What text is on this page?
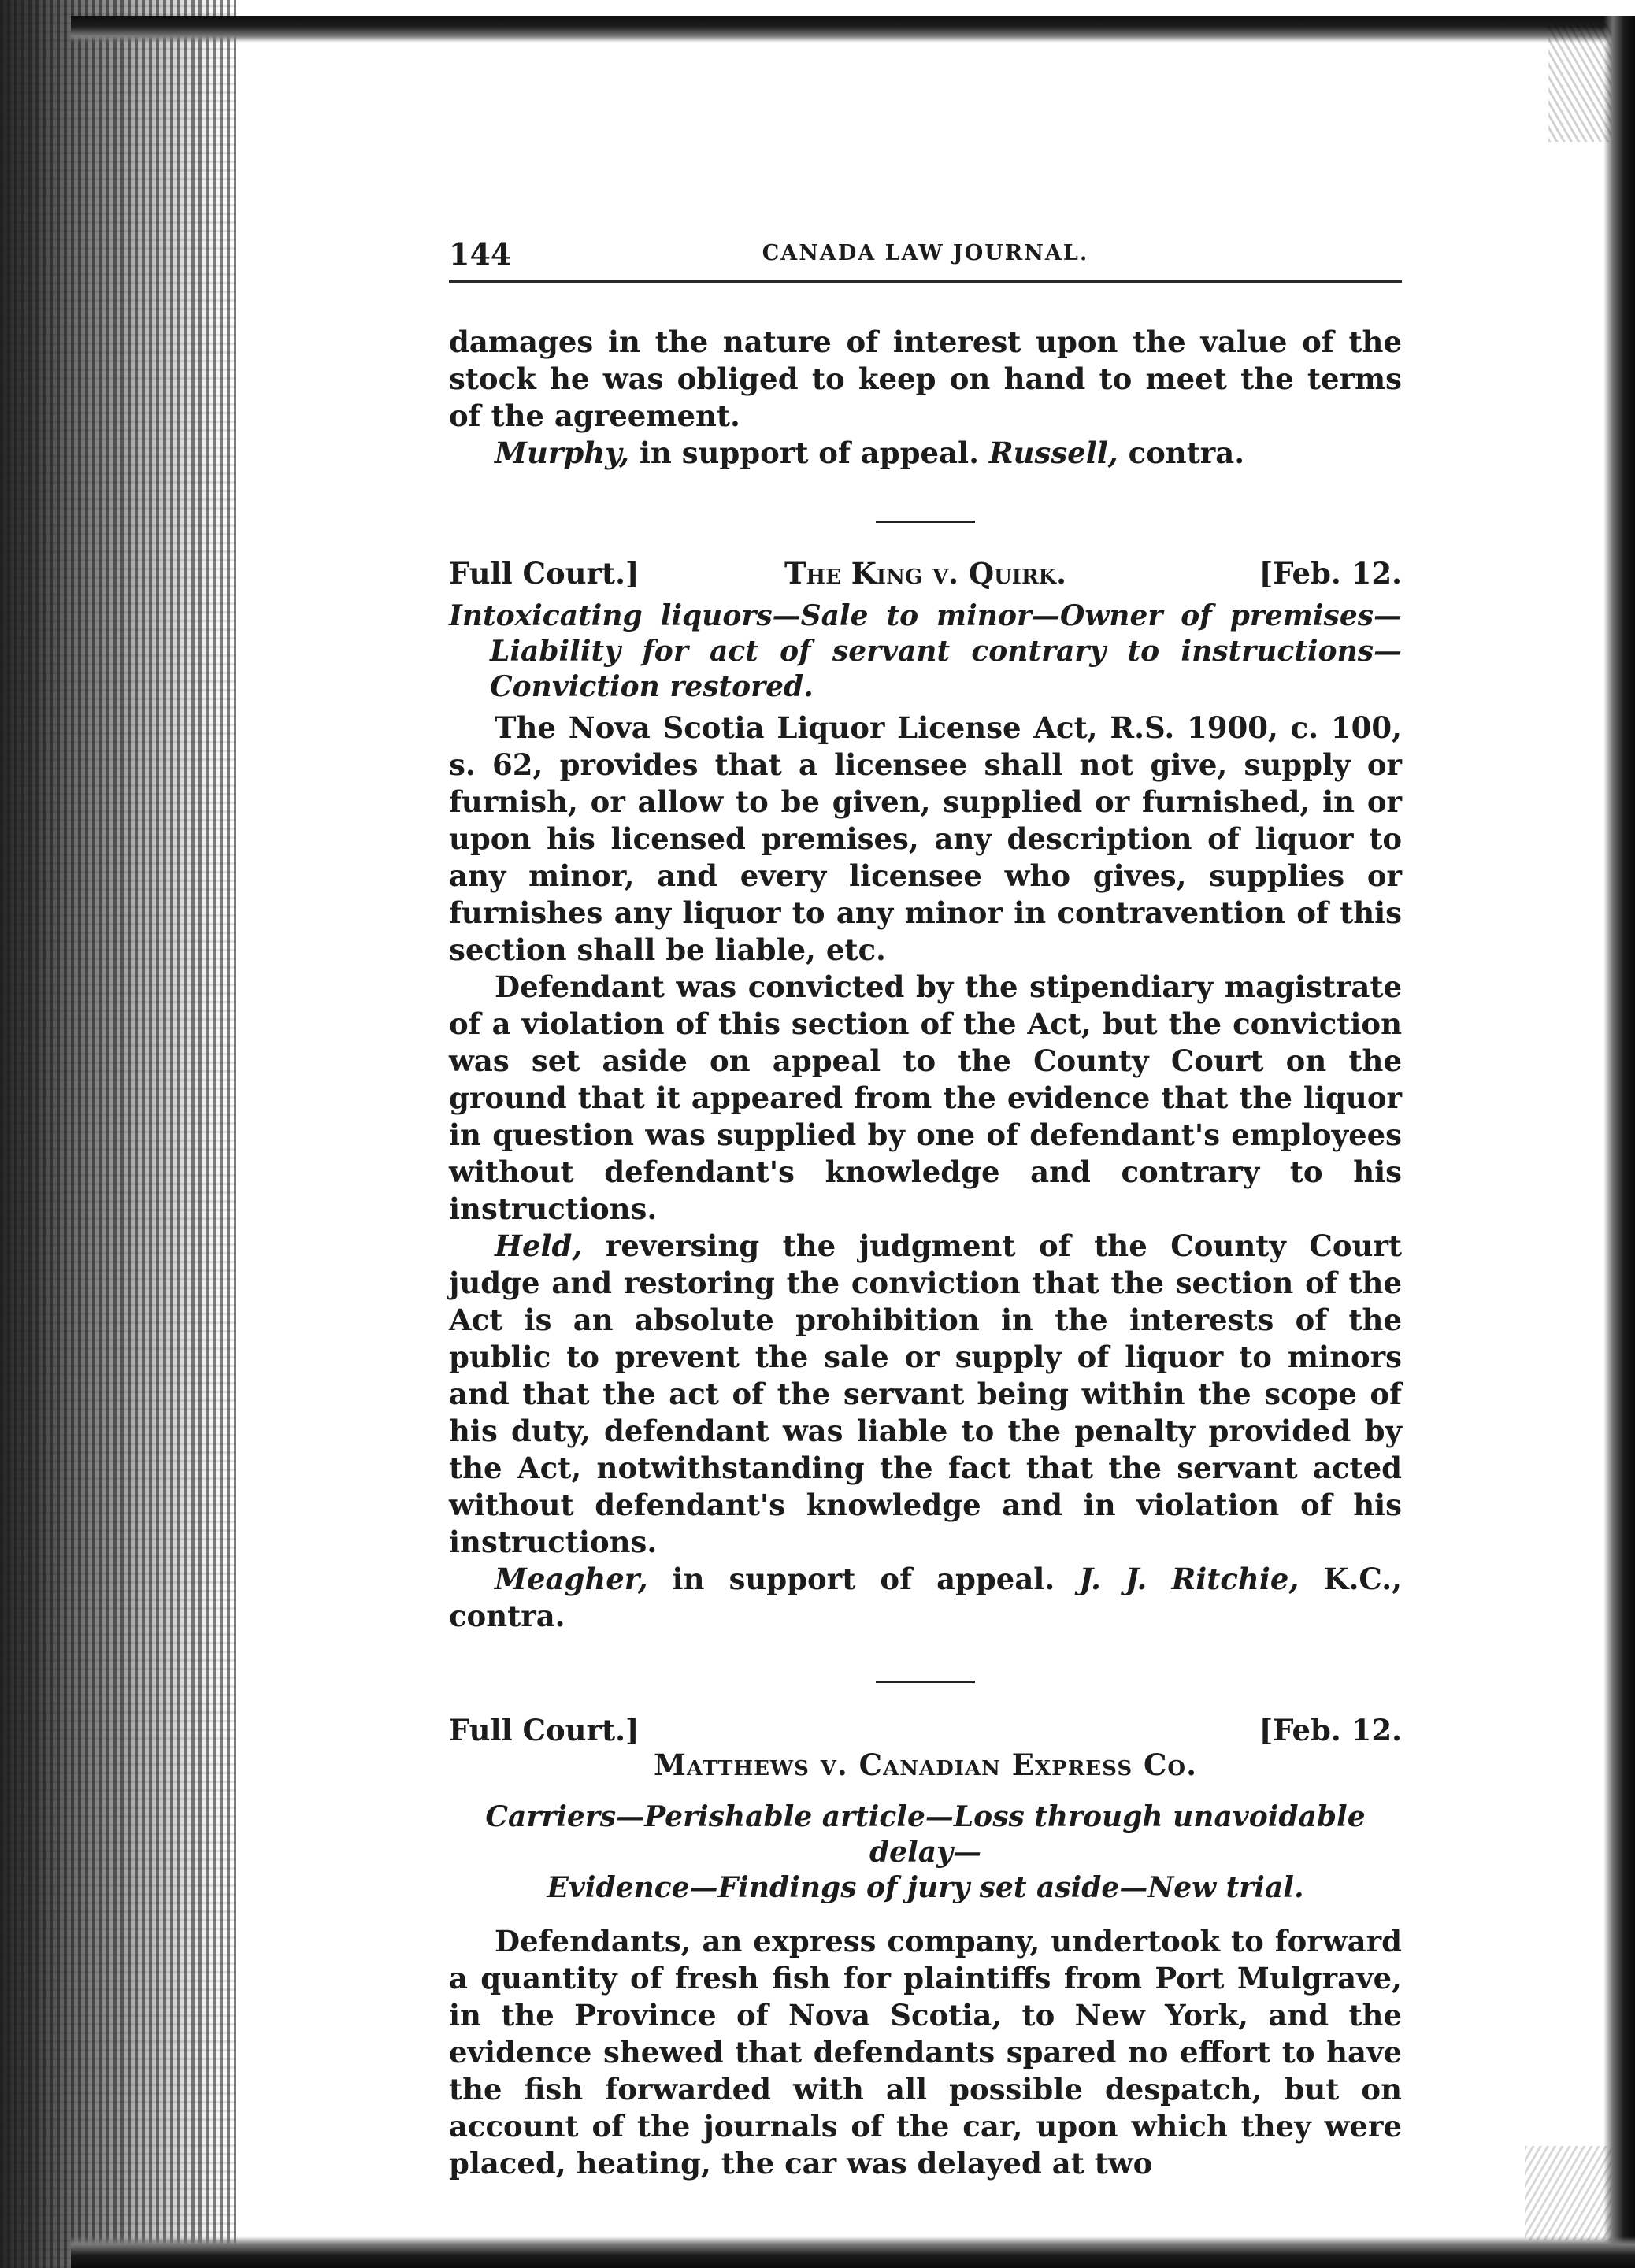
144	CANADA LAW JOURNAL.

damages in the nature of interest upon the value of the stock he was obliged to keep on hand to meet the terms of the agreement.

Murphy, in support of appeal. Russell, contra.

Full Court.]	The King v. Quirk.	[Feb. 12.
Intoxicating liquors—Sale to minor—Owner of premises—Liability for act of servant contrary to instructions—Conviction restored.

The Nova Scotia Liquor License Act, R.S. 1900, c. 100, s. 62, provides that a licensee shall not give, supply or furnish, or allow to be given, supplied or furnished, in or upon his licensed premises, any description of liquor to any minor, and every licensee who gives, supplies or furnishes any liquor to any minor in contravention of this section shall be liable, etc.

Defendant was convicted by the stipendiary magistrate of a violation of this section of the Act, but the conviction was set aside on appeal to the County Court on the ground that it appeared from the evidence that the liquor in question was supplied by one of defendant's employees without defendant's knowledge and contrary to his instructions.

Held, reversing the judgment of the County Court judge and restoring the conviction that the section of the Act is an absolute prohibition in the interests of the public to prevent the sale or supply of liquor to minors and that the act of the servant being within the scope of his duty, defendant was liable to the penalty provided by the Act, notwithstanding the fact that the servant acted without defendant's knowledge and in violation of his instructions.

Meagher, in support of appeal. J. J. Ritchie, K.C., contra.

Full Court.]	[Feb. 12.
Matthews v. Canadian Express Co.
Carriers—Perishable article—Loss through unavoidable delay—
Evidence—Findings of jury set aside—New trial.

Defendants, an express company, undertook to forward a quantity of fresh fish for plaintiffs from Port Mulgrave, in the Province of Nova Scotia, to New York, and the evidence shewed that defendants spared no effort to have the fish forwarded with all possible despatch, but on account of the journals of the car, upon which they were placed, heating, the car was delayed at two
